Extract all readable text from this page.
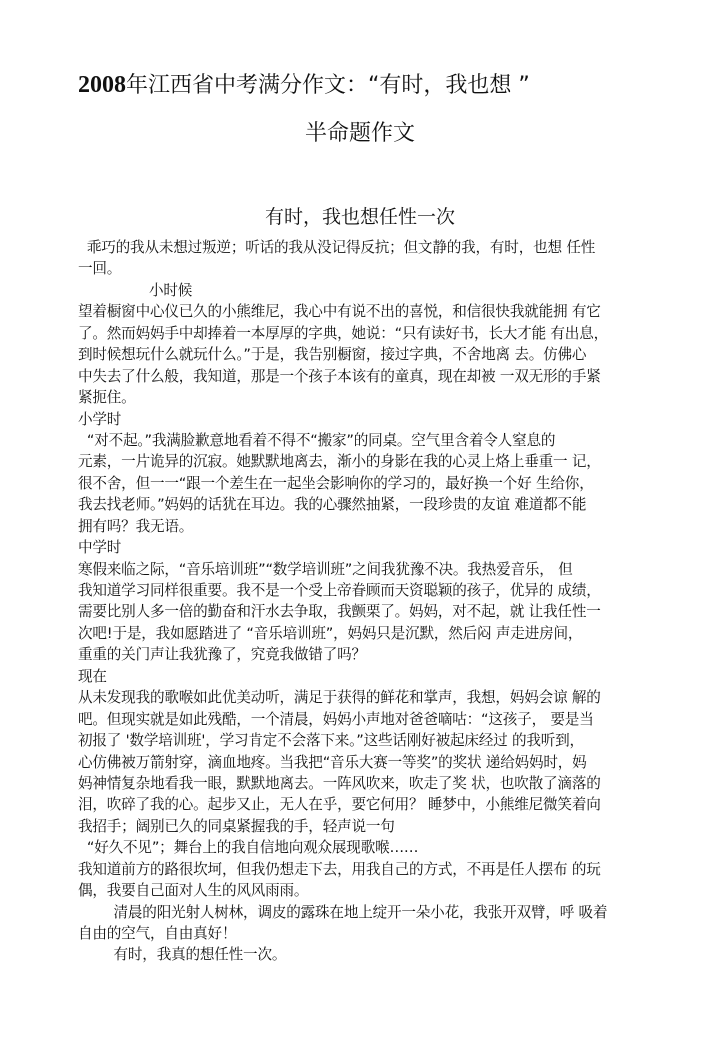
2008年江西省中考满分作文：“有时，我也想 ”
半命题作文
有时，我也想任性一次
乖巧的我从未想过叛逆；听话的我从没记得反抗；但文静的我，有时，也想 任性
一回。
小时候
望着橱窗中心仪已久的小熊维尼，我心中有说不出的喜悦，和信很快我就能拥 有它
了。然而妈妈手中却捧着一本厚厚的字典，她说：“只有读好书，长大才能 有出息，
到时候想玩什么就玩什么。”于是，我告别橱窗，接过字典，不舍地离 去。仿佛心
中失去了什么般，我知道，那是一个孩子本该有的童真，现在却被 一双无形的手紧
紧扼住。
小学时
“对不起。”我满脸歉意地看着不得不“搬家”的同桌。空气里含着令人窒息的
元素，一片诡异的沉寂。她默默地离去，渐小的身影在我的心灵上烙上垂重一 记，
很不舍，但一一“跟一个差生在一起坐会影响你的学习的，最好换一个好 生给你，
我去找老师。”妈妈的话犹在耳边。我的心骤然抽紧，一段珍贵的友谊 难道都不能
拥有吗？我无语。
中学时
寒假来临之际，“音乐培训班”“数学培训班”之间我犹豫不决。我热爱音乐， 但
我知道学习同样很重要。我不是一个受上帝眷顾而天资聪颖的孩子，优异的 成绩，
需要比别人多一倍的勤奋和汗水去争取，我颤栗了。妈妈，对不起，就 让我任性一
次吧!于是，我如愿踏进了 “音乐培训班”，妈妈只是沉默，然后闷 声走进房间，
重重的关门声让我犹豫了，究竟我做错了吗？
现在
从未发现我的歌喉如此优美动听，满足于获得的鲜花和掌声，我想，妈妈会谅 解的
吧。但现实就是如此残酷，一个清晨，妈妈小声地对爸爸嘀咕：“这孩子， 要是当
初报了 '数学培训班'，学习肯定不会落下来。”这些话刚好被起床经过 的我听到，
心仿佛被万箭射穿，滴血地疼。当我把“音乐大赛一等奖”的奖状 递给妈妈时，妈
妈神情复杂地看我一眼，默默地离去。一阵风吹来，吹走了奖 状，也吹散了滴落的
泪，吹碎了我的心。起步又止，无人在乎，要它何用？ 睡梦中，小熊维尼微笑着向
我招手；阔别已久的同桌紧握我的手，轻声说一句
“好久不见”；舞台上的我自信地向观众展现歌喉……
我知道前方的路很坎坷，但我仍想走下去，用我自己的方式，不再是任人摆布 的玩
偶，我要自己面对人生的风风雨雨。
清晨的阳光射人树林，调皮的露珠在地上绽开一朵小花，我张开双臂，呼 吸着
自由的空气，自由真好！
有时，我真的想任性一次。
